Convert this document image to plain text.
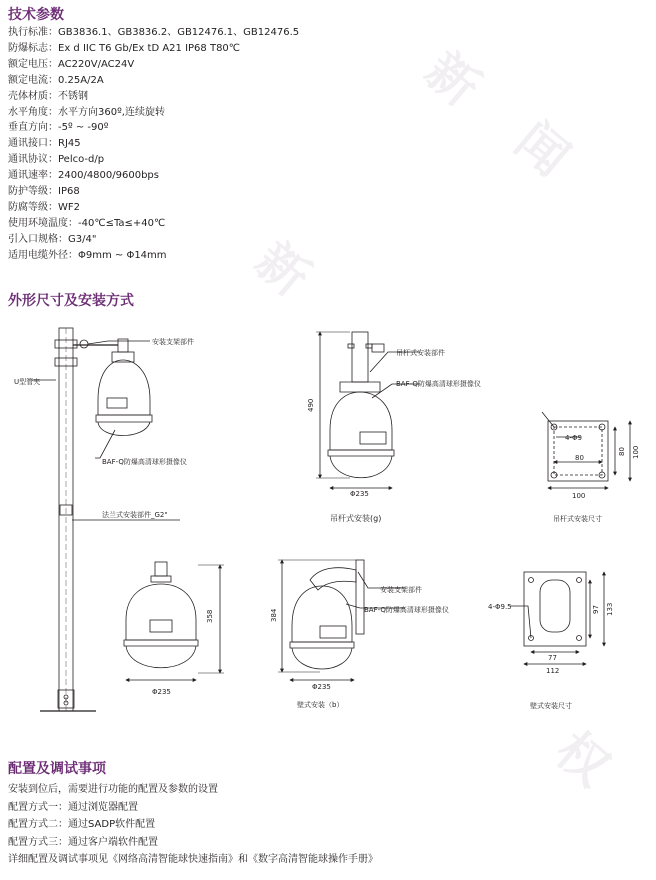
新
闻
新
权
技术参数
执行标准：GB3836.1、GB3836.2、GB12476.1、GB12476.5
防爆标志：Ex d IIC T6 Gb/Ex tD A21 IP68 T80℃
额定电压：AC220V/AC24V
额定电流：0.25A/2A
壳体材质：不锈钢
水平角度：水平方向360º,连续旋转
垂直方向：-5º ~ -90º
通讯接口：RJ45
通讯协议：Pelco-d/p
通讯速率：2400/4800/9600bps
防护等级：IP68
防腐等级：WF2
使用环境温度：-40℃≤Ta≤+40℃
引入口规格：G3/4"
适用电缆外径：Φ9mm ~ Φ14mm
外形尺寸及安装方式
安装支架部件
U型管夹
BAF-Q防爆高清球形摄像仪
法兰式安装部件_G2"
358
Φ235
吊杆式安装部件
BAF-Q防爆高清球形摄像仪
490
Φ235
吊杆式安装(g)
4-Φ9
80
100
80 100
吊杆式安装尺寸
安装支架部件
BAF-Q防爆高清球形摄像仪
384
Φ235
壁式安装（b）
4-Φ9.5
77
112
97 133
壁式安装尺寸
配置及调试事项
安装到位后，需要进行功能的配置及参数的设置
配置方式一：通过浏览器配置
配置方式二：通过SADP软件配置
配置方式三：通过客户端软件配置
详细配置及调试事项见《网络高清智能球快速指南》和《数字高清智能球操作手册》
